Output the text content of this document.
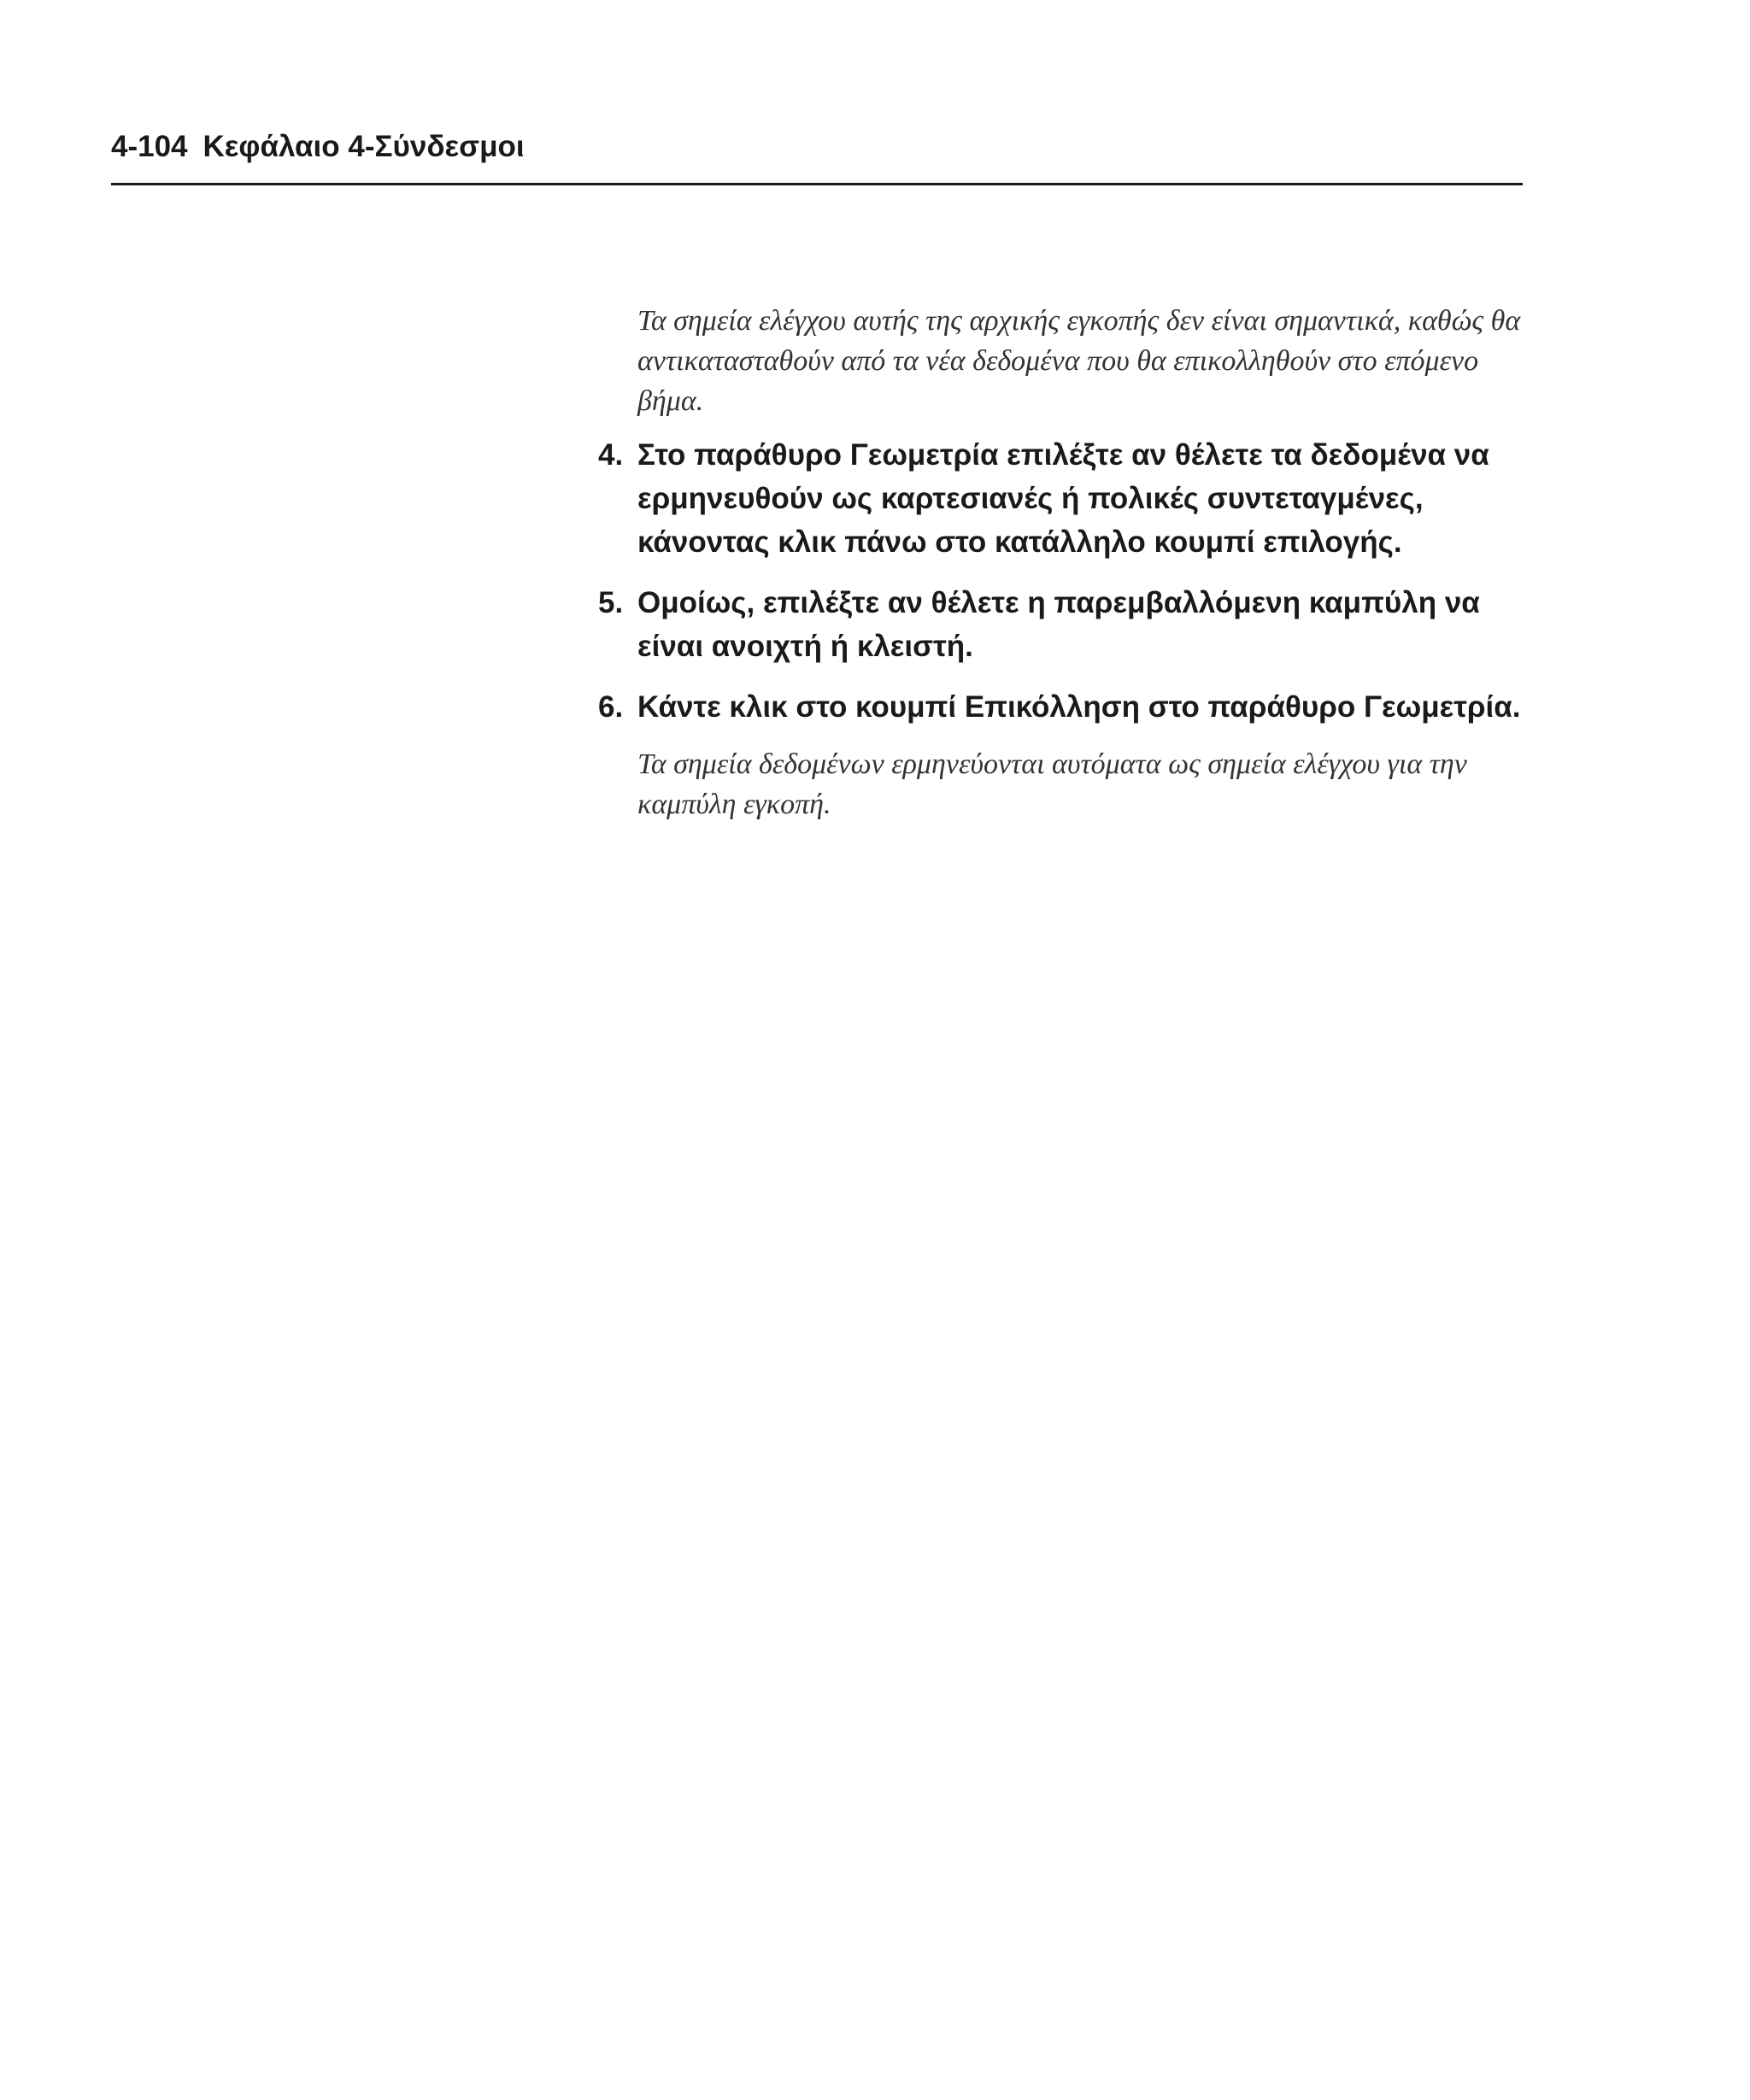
4-104 Κεφάλαιο 4-Σύνδεσμοι

Τα σημεία ελέγχου αυτής της αρχικής εγκοπής δεν είναι σημαντικά, καθώς θα αντικατασταθούν από τα νέα δεδομένα που θα επικολληθούν στο επόμενο βήμα.

4. Στο παράθυρο Γεωμετρία επιλέξτε αν θέλετε τα δεδομένα να ερμηνευθούν ως καρτεσιανές ή πολικές συντεταγμένες, κάνοντας κλικ πάνω στο κατάλληλο κουμπί επιλογής.
5. Ομοίως, επιλέξτε αν θέλετε η παρεμβαλλόμενη καμπύλη να είναι ανοιχτή ή κλειστή.
6. Κάντε κλικ στο κουμπί Επικόλληση στο παράθυρο Γεωμετρία.

Τα σημεία δεδομένων ερμηνεύονται αυτόματα ως σημεία ελέγχου για την καμπύλη εγκοπή.
